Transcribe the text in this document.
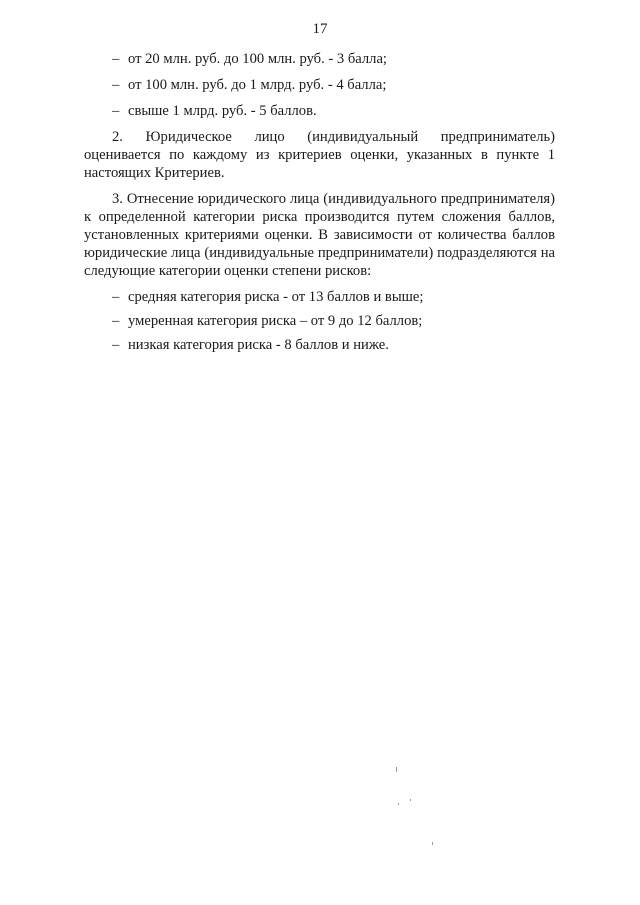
17
– от 20 млн. руб. до 100 млн. руб. - 3 балла;
– от 100 млн. руб. до 1 млрд. руб. - 4 балла;
– свыше 1 млрд. руб. - 5 баллов.

2. Юридическое лицо (индивидуальный предприниматель) оценивается по каждому из критериев оценки, указанных в пункте 1 настоящих Критериев.

3. Отнесение юридического лица (индивидуального предпринимателя) к определенной категории риска производится путем сложения баллов, установленных критериями оценки. В зависимости от количества баллов юридические лица (индивидуальные предприниматели) подразделяются на следующие категории оценки степени рисков:

– средняя категория риска - от 13 баллов и выше;
– умеренная категория риска – от 9 до 12 баллов;
– низкая категория риска - 8 баллов и ниже.
